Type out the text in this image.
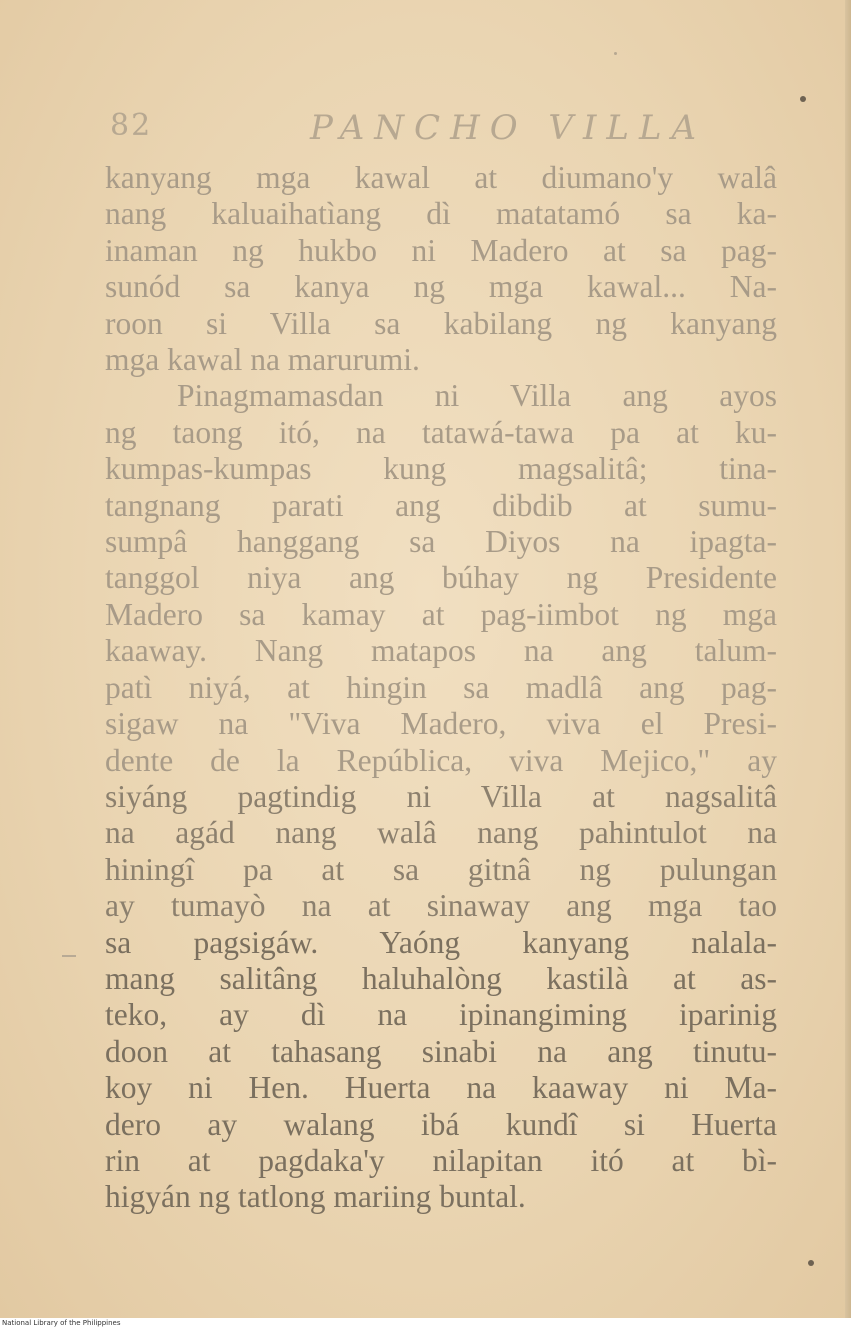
82	PANCHO VILLA
kanyang mga kawal at diumano'y walâ
nang kaluaihatìang dì matatamó sa ka-
inaman ng hukbo ni Madero at sa pag-
sunód sa kanya ng mga kawal... Na-
roon si Villa sa kabilang ng kanyang
mga kawal na marurumi.
Pinagmamasdan ni Villa ang ayos
ng taong itó, na tatawá-tawa pa at ku-
kumpas-kumpas kung magsalitâ; tina-
tangnang parati ang dibdib at sumu-
sumpâ hanggang sa Diyos na ipagta-
tanggol niya ang búhay ng Presidente
Madero sa kamay at pag-iimbot ng mga
kaaway. Nang matapos na ang talum-
patì niyá, at hingin sa madlâ ang pag-
sigaw na "Viva Madero, viva el Presi-
dente de la República, viva Mejico," ay
siyáng pagtindig ni Villa at nagsalitâ
na agád nang walâ nang pahintulot na
hiningî pa at sa gitnâ ng pulungan
ay tumayò na at sinaway ang mga tao
sa pagsigáw. Yaóng kanyang nalala-
mang salitâng haluhalòng kastilà at as-
teko, ay dì na ipinangiming iparinig
doon at tahasang sinabi na ang tinutu-
koy ni Hen. Huerta na kaaway ni Ma-
dero ay walang ibá kundî si Huerta
rin at pagdaka'y nilapitan itó at bì-
higyán ng tatlong mariing buntal.
National Library of the Philippines
